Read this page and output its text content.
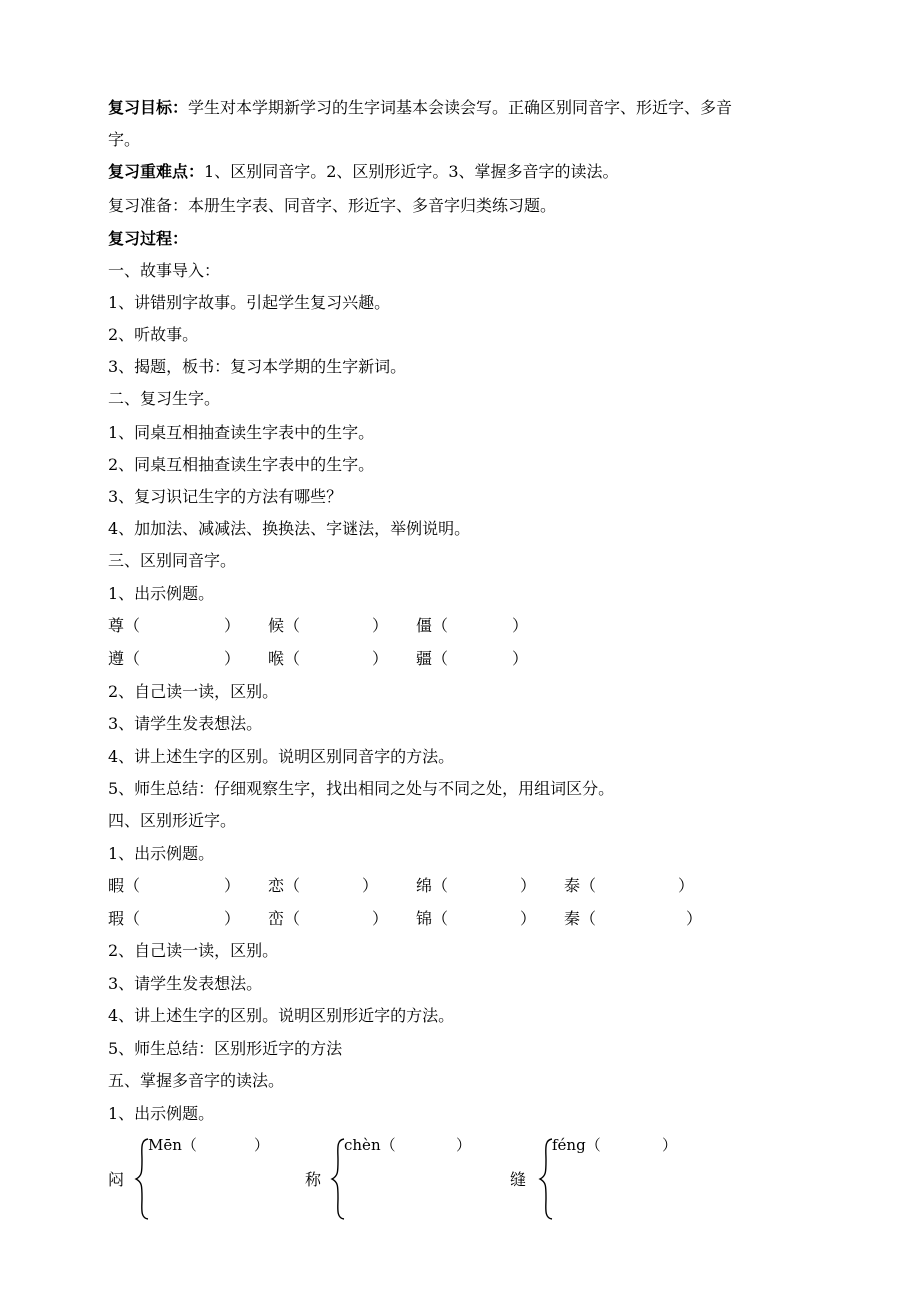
复习目标：学生对本学期新学习的生字词基本会读会写。正确区别同音字、形近字、多音
字。
复习重难点：1、区别同音字。2、区别形近字。3、掌握多音字的读法。
复习准备：本册生字表、同音字、形近字、多音字归类练习题。
复习过程：
一、故事导入：
1、讲错别字故事。引起学生复习兴趣。
2、听故事。
3、揭题，板书：复习本学期的生字新词。
二、复习生字。
1、同桌互相抽查读生字表中的生字。
2、同桌互相抽查读生字表中的生字。
3、复习识记生字的方法有哪些？
4、加加法、减减法、换换法、字谜法，举例说明。
三、区别同音字。
1、出示例题。
尊（	） 候（	） 僵（	）
遵（	） 喉（	） 疆（	）
2、自己读一读，区别。
3、请学生发表想法。
4、讲上述生字的区别。说明区别同音字的方法。
5、师生总结：仔细观察生字，找出相同之处与不同之处，用组词区分。
四、区别形近字。
1、出示例题。
暇（	） 恋（	） 绵（	） 泰（	）
瑕（	） 峦（	） 锦（	） 秦（	）
2、自己读一读，区别。
3、请学生发表想法。
4、讲上述生字的区别。说明区别形近字的方法。
5、师生总结：区别形近字的方法
五、掌握多音字的读法。
1、出示例题。
闷
Mēn（	）
称
chèn（	）
缝
féng（	）
